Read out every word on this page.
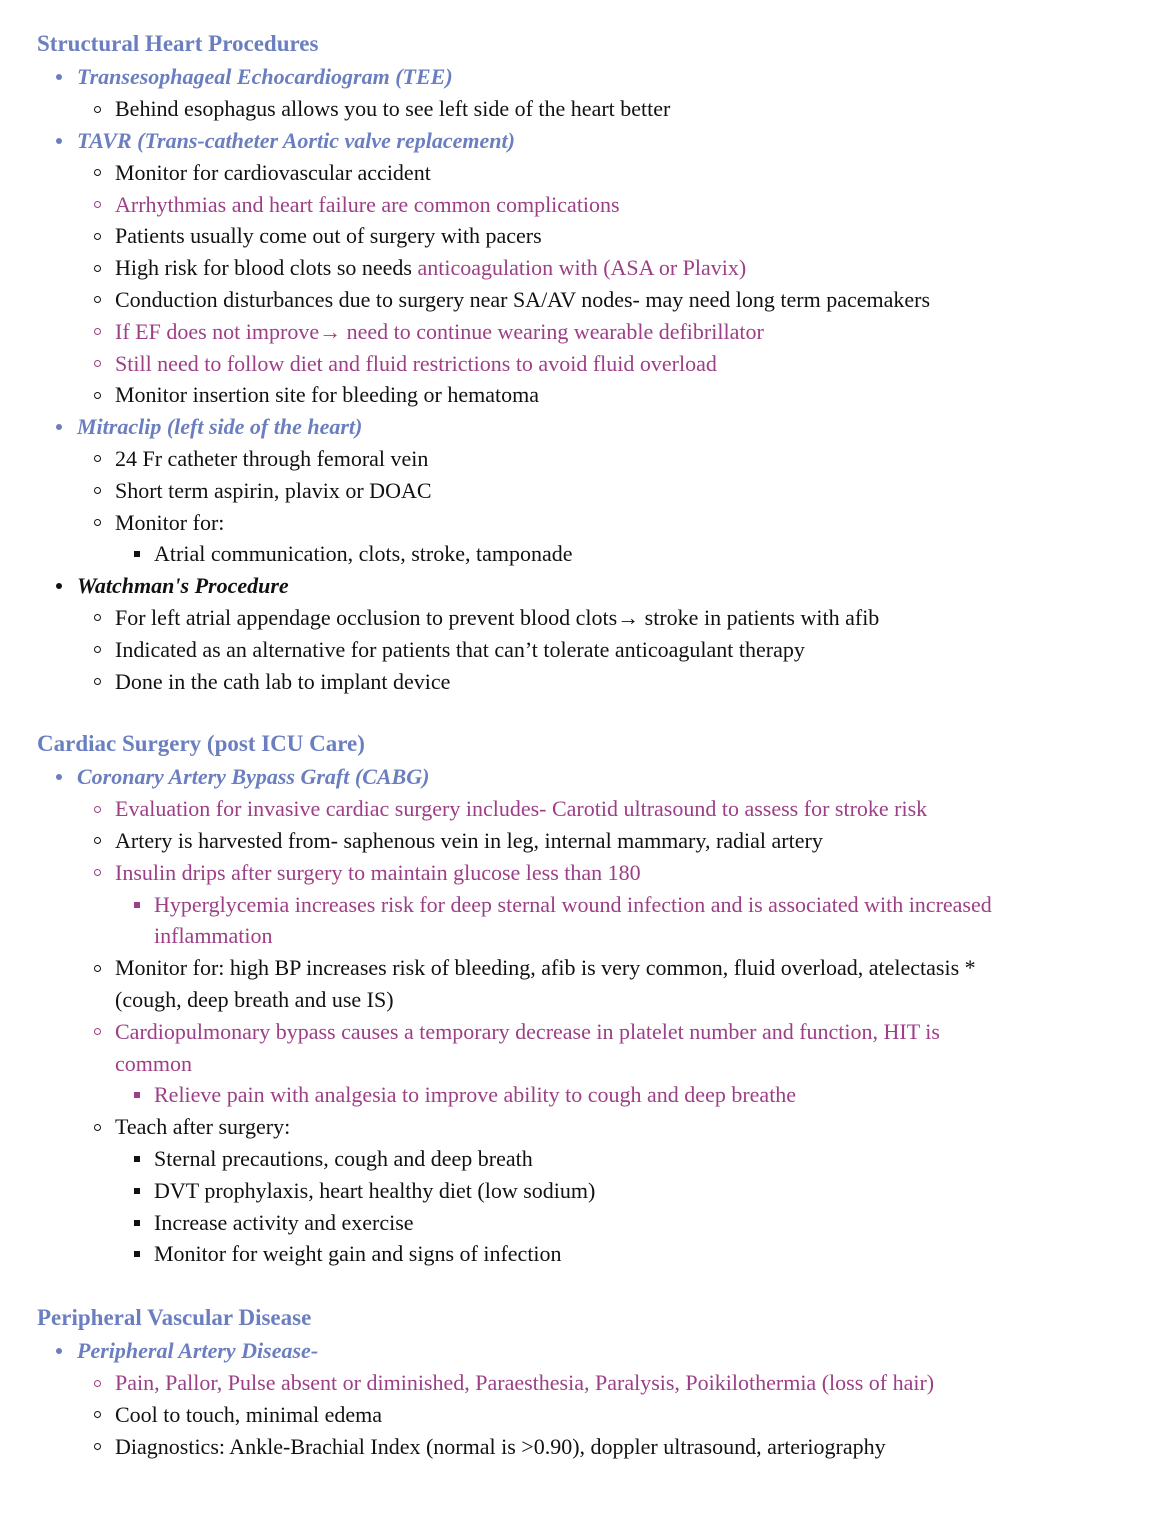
Structural Heart Procedures
Transesophageal Echocardiogram (TEE)
Behind esophagus allows you to see left side of the heart better
TAVR (Trans-catheter Aortic valve replacement)
Monitor for cardiovascular accident
Arrhythmias and heart failure are common complications
Patients usually come out of surgery with pacers
High risk for blood clots so needs anticoagulation with (ASA or Plavix)
Conduction disturbances due to surgery near SA/AV nodes- may need long term pacemakers
If EF does not improve→ need to continue wearing wearable defibrillator
Still need to follow diet and fluid restrictions to avoid fluid overload
Monitor insertion site for bleeding or hematoma
Mitraclip (left side of the heart)
24 Fr catheter through femoral vein
Short term aspirin, plavix or DOAC
Monitor for:
Atrial communication, clots, stroke, tamponade
Watchman's Procedure
For left atrial appendage occlusion to prevent blood clots→ stroke in patients with afib
Indicated as an alternative for patients that can’t tolerate anticoagulant therapy
Done in the cath lab to implant device
Cardiac Surgery (post ICU Care)
Coronary Artery Bypass Graft (CABG)
Evaluation for invasive cardiac surgery includes- Carotid ultrasound to assess for stroke risk
Artery is harvested from- saphenous vein in leg, internal mammary, radial artery
Insulin drips after surgery to maintain glucose less than 180
Hyperglycemia increases risk for deep sternal wound infection and is associated with increased
inflammation
Monitor for: high BP increases risk of bleeding, afib is very common, fluid overload, atelectasis *
(cough, deep breath and use IS)
Cardiopulmonary bypass causes a temporary decrease in platelet number and function, HIT is
common
Relieve pain with analgesia to improve ability to cough and deep breathe
Teach after surgery:
Sternal precautions, cough and deep breath
DVT prophylaxis, heart healthy diet (low sodium)
Increase activity and exercise
Monitor for weight gain and signs of infection
Peripheral Vascular Disease
Peripheral Artery Disease-
Pain, Pallor, Pulse absent or diminished, Paraesthesia, Paralysis, Poikilothermia (loss of hair)
Cool to touch, minimal edema
Diagnostics: Ankle-Brachial Index (normal is >0.90), doppler ultrasound, arteriography
